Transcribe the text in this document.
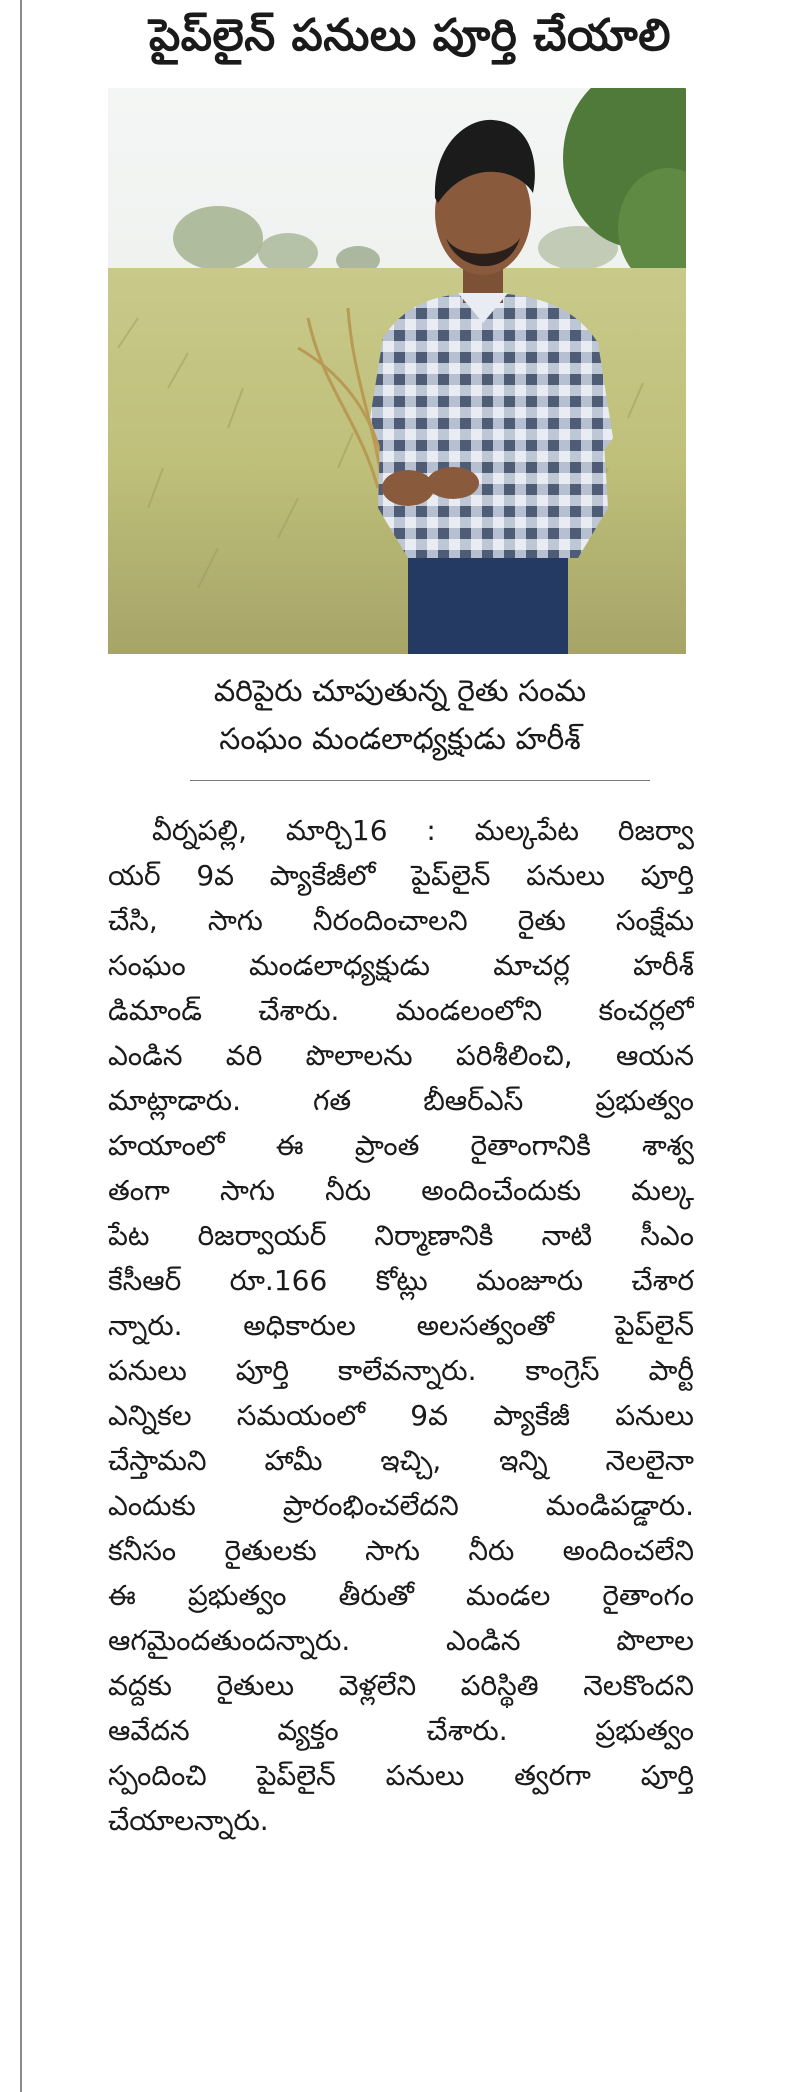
పైప్‌లైన్ పనులు పూర్తి చేయాలి
వరిపైరు చూపుతున్న రైతు సంమ
సంఘం మండలాధ్యక్షుడు హరీశ్
వీర్నపల్లి, మార్చి16 : మల్కపేట రిజర్వా
యర్ 9వ ప్యాకేజీలో పైప్‌లైన్ పనులు పూర్తి
చేసి, సాగు నీరందించాలని రైతు సంక్షేమ
సంఘం మండలాధ్యక్షుడు మాచర్ల హరీశ్
డిమాండ్ చేశారు. మండలంలోని కంచర్లలో
ఎండిన వరి పొలాలను పరిశీలించి, ఆయన
మాట్లాడారు. గత బీఆర్ఎస్ ప్రభుత్వం
హయాంలో ఈ ప్రాంత రైతాంగానికి శాశ్వ
తంగా సాగు నీరు అందించేందుకు మల్క
పేట రిజర్వాయర్ నిర్మాణానికి నాటి సీఎం
కేసీఆర్ రూ.166 కోట్లు మంజూరు చేశార
న్నారు. అధికారుల అలసత్వంతో పైప్‌లైన్
పనులు పూర్తి కాలేవన్నారు. కాంగ్రెస్ పార్టీ
ఎన్నికల సమయంలో 9వ ప్యాకేజీ పనులు
చేస్తామని హామీ ఇచ్చి, ఇన్ని నెలలైనా
ఎందుకు ప్రారంభించలేదని మండిపడ్డారు.
కనీసం రైతులకు సాగు నీరు అందించలేని
ఈ ప్రభుత్వం తీరుతో మండల రైతాంగం
ఆగమైందతుందన్నారు. ఎండిన పొలాల
వద్దకు రైతులు వెళ్లలేని పరిస్థితి నెలకొందని
ఆవేదన వ్యక్తం చేశారు. ప్రభుత్వం
స్పందించి పైప్‌లైన్ పనులు త్వరగా పూర్తి
చేయాలన్నారు.
